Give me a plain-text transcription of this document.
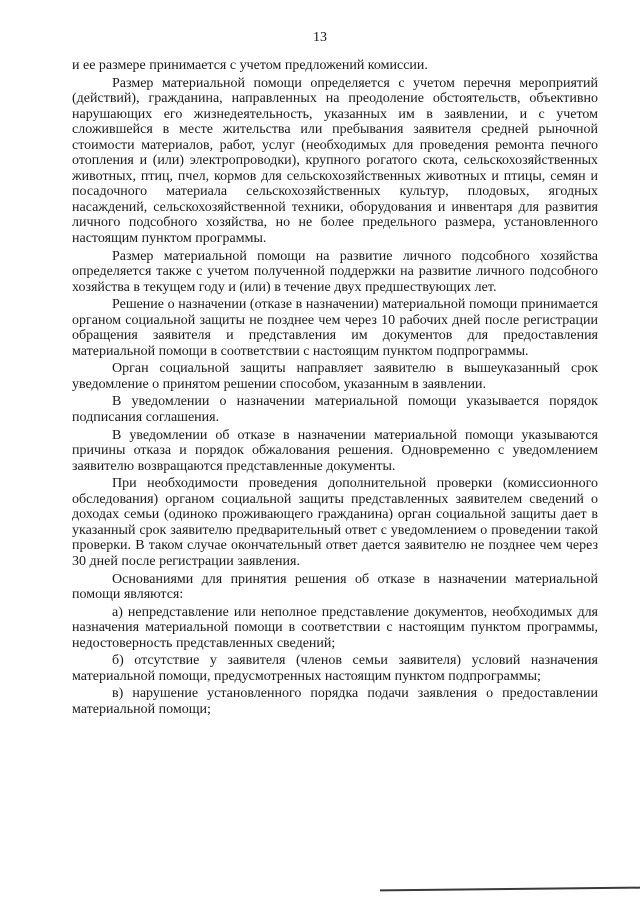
13

и ее размере принимается с учетом предложений комиссии.

Размер материальной помощи определяется с учетом перечня мероприятий (действий), гражданина, направленных на преодоление обстоятельств, объективно нарушающих его жизнедеятельность, указанных им в заявлении, и с учетом сложившейся в месте жительства или пребывания заявителя средней рыночной стоимости материалов, работ, услуг (необходимых для проведения ремонта печного отопления и (или) электропроводки), крупного рогатого скота, сельскохозяйственных животных, птиц, пчел, кормов для сельскохозяйственных животных и птицы, семян и посадочного материала сельскохозяйственных культур, плодовых, ягодных насаждений, сельскохозяйственной техники, оборудования и инвентаря для развития личного подсобного хозяйства, но не более предельного размера, установленного настоящим пунктом программы.

Размер материальной помощи на развитие личного подсобного хозяйства определяется также с учетом полученной поддержки на развитие личного подсобного хозяйства в текущем году и (или) в течение двух предшествующих лет.

Решение о назначении (отказе в назначении) материальной помощи принимается органом социальной защиты не позднее чем через 10 рабочих дней после регистрации обращения заявителя и представления им документов для предоставления материальной помощи в соответствии с настоящим пунктом подпрограммы.

Орган социальной защиты направляет заявителю в вышеуказанный срок уведомление о принятом решении способом, указанным в заявлении.

В уведомлении о назначении материальной помощи указывается порядок подписания соглашения.

В уведомлении об отказе в назначении материальной помощи указываются причины отказа и порядок обжалования решения. Одновременно с уведомлением заявителю возвращаются представленные документы.

При необходимости проведения дополнительной проверки (комиссионного обследования) органом социальной защиты представленных заявителем сведений о доходах семьи (одиноко проживающего гражданина) орган социальной защиты дает в указанный срок заявителю предварительный ответ с уведомлением о проведении такой проверки. В таком случае окончательный ответ дается заявителю не позднее чем через 30 дней после регистрации заявления.

Основаниями для принятия решения об отказе в назначении материальной помощи являются:

а) непредставление или неполное представление документов, необходимых для назначения материальной помощи в соответствии с настоящим пунктом программы, недостоверность представленных сведений;

б) отсутствие у заявителя (членов семьи заявителя) условий назначения материальной помощи, предусмотренных настоящим пунктом подпрограммы;

в) нарушение установленного порядка подачи заявления о предоставлении материальной помощи;
